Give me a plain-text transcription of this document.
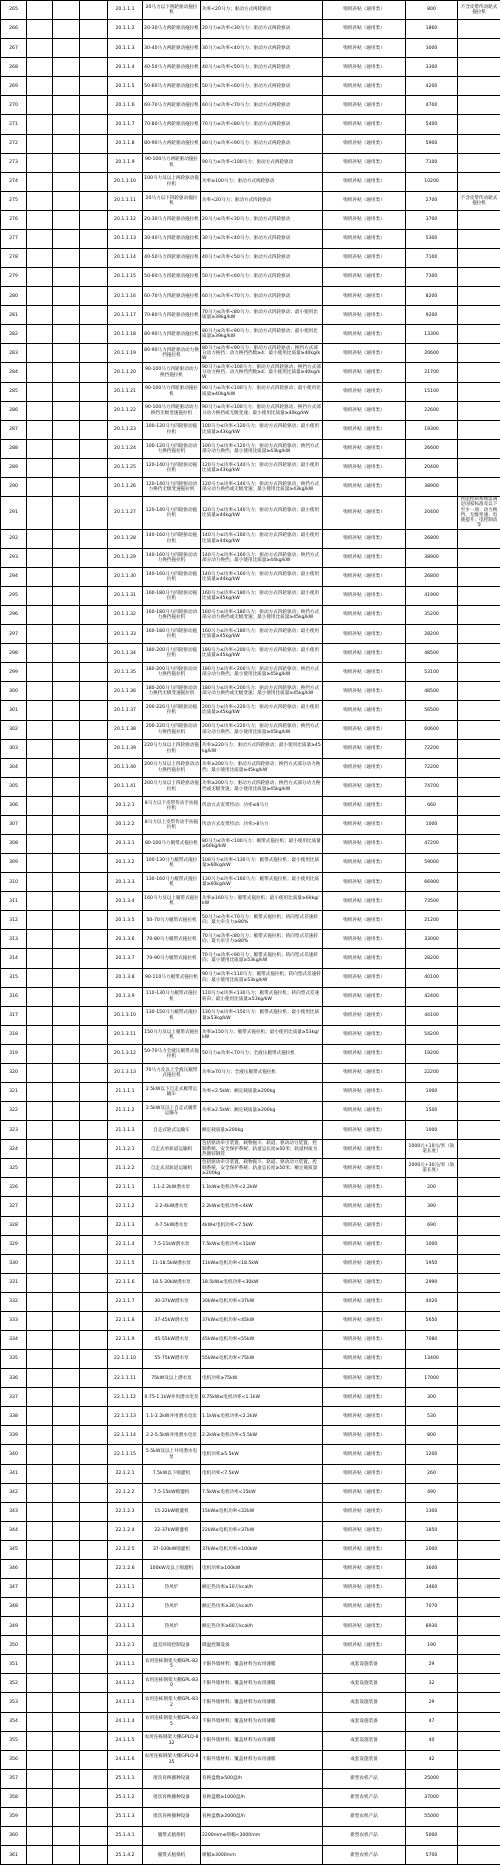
265				20.1.1.1	20马力以下两轮驱动拖拉机	功率<20马力；驱动方式两轮驱动	购机补贴（通用类）	800	不含皮带传动轮式拖拉机
266				20.1.1.2	20-30马力两轮驱动拖拉机	20马力≤功率<30马力；驱动方式两轮驱动	购机补贴（通用类）	1860	
267				20.1.1.3	30-40马力两轮驱动拖拉机	30马力≤功率<40马力；驱动方式两轮驱动	购机补贴（通用类）	3000	
268				20.1.1.4	40-50马力两轮驱动拖拉机	40马力≤功率<50马力；驱动方式两轮驱动	购机补贴（通用类）	3300	
269				20.1.1.5	50-60马力两轮驱动拖拉机	50马力≤功率<60马力；驱动方式两轮驱动	购机补贴（通用类）	4200	
270				20.1.1.6	60-70马力两轮驱动拖拉机	60马力≤功率<70马力；驱动方式两轮驱动	购机补贴（通用类）	4700	
271				20.1.1.7	70-80马力两轮驱动拖拉机	70马力≤功率<80马力；驱动方式两轮驱动	购机补贴（通用类）	5400	
272				20.1.1.8	80-90马力两轮驱动拖拉机	80马力≤功率<90马力；驱动方式两轮驱动	购机补贴（通用类）	5900	
273				20.1.1.9	90-100马力两轮驱动拖拉机	90马力≤功率<100马力；驱动方式两轮驱动	购机补贴（通用类）	7100	
274				20.1.1.10	100马力及以上两轮驱动拖拉机	功率≥100马力；驱动方式两轮驱动	购机补贴（通用类）	10200	
275				20.1.1.11	20马力以下四轮驱动拖拉机	功率<20马力；驱动方式四轮驱动	购机补贴（通用类）	2700	不含皮带传动轮式拖拉机
276				20.1.1.12	20-30马力四轮驱动拖拉机	20马力≤功率<30马力；驱动方式四轮驱动	购机补贴（通用类）	3700	
277				20.1.1.13	30-40马力四轮驱动拖拉机	30马力≤功率<40马力；驱动方式四轮驱动	购机补贴（通用类）	5300	
278				20.1.1.14	40-50马力四轮驱动拖拉机	40马力≤功率<50马力；驱动方式四轮驱动	购机补贴（通用类）	7100	
279				20.1.1.15	50-60马力四轮驱动拖拉机	50马力≤功率<60马力；驱动方式四轮驱动	购机补贴（通用类）	7300	
280				20.1.1.16	60-70马力四轮驱动拖拉机	60马力≤功率<70马力；驱动方式四轮驱动	购机补贴（通用类）	8200	
281				20.1.1.17	70-80马力四轮驱动拖拉机	70马力≤功率<80马力；驱动方式四轮驱动；最小使用比质量≥39kg/kW	购机补贴（通用类）	9200	
282				20.1.1.18	80-90马力四轮驱动拖拉机	80马力≤功率<90马力；驱动方式四轮驱动；最小使用比质量≥39kg/kW	购机补贴（通用类）	13300	
283				20.1.1.19	80-90马力四轮驱动动力换挡拖拉机	80马力≤功率<90马力；驱动方式四轮驱动；换挡方式部分动力换挡；动力换挡挡数≥4；最小使用比质量≥40kg/kW	购机补贴（通用类）	20600	
284				20.1.1.20	90-100马力四轮驱动动力换挡拖拉机	90马力≤功率<100马力；驱动方式四轮驱动；换挡方式部分动力换挡；动力换挡挡数≥4；最小使用比质量≥40kg/kW	购机补贴（通用类）	21700	
285				20.1.1.21	90-100马力四轮驱动拖拉机	90马力≤功率<100马力；驱动方式四轮驱动；最小使用比质量≥40kg/kW	购机补贴（通用类）	15100	
286				20.1.1.22	90-100马力四轮驱动动力换挡无级变速拖拉机	90马力≤功率<100马力；驱动方式四轮驱动；换挡方式部分动力换挡或无级变速；最小使用比质量≥40kg/kW	购机补贴（通用类）	22600	
287				20.1.1.23	100-120马力四轮驱动拖拉机	100马力≤功率<120马力；驱动方式四轮驱动；最小使用比质量≥43kg/kW	购机补贴（通用类）	19300	
288				20.1.1.24	100-120马力四轮驱动动力换挡拖拉机	100马力≤功率<120马力；驱动方式四轮驱动；换挡方式部分动力换挡；最小使用比质量≥43kg/kW	购机补贴（通用类）	26600	
289				20.1.1.25	120-140马力四轮驱动拖拉机	120马力≤功率<140马力；驱动方式四轮驱动；最小使用比质量≥43kg/kW	购机补贴（通用类）	20400	
290				20.1.1.26	120-140马力四轮驱动动力换挡无级变速拖拉机	120马力≤功率<140马力；驱动方式四轮驱动；换挡方式部分动力换挡或无级变速；最小使用比质量≥43kg/kW	购机补贴（通用类）	38900	
291				20.1.1.27	120-140马力四轮驱动拖拉机	120马力≤功率<140马力；驱动方式四轮驱动；最小使用比质量≥44kg/kW	购机补贴（通用类）	20400	智能控制系统需满足国家标准及以下至少一项：动力换挡、无级变速、电液提升、电控制动等
292				20.1.1.28	140-160马力四轮驱动拖拉机	140马力≤功率<160马力；驱动方式四轮驱动；最小使用比质量≥44kg/kW	购机补贴（通用类）	26800	
293				20.1.1.29	140-160马力四轮驱动动力换挡拖拉机	140马力≤功率<160马力；驱动方式四轮驱动；换挡方式部分动力换挡；最小使用比质量≥44kg/kW	购机补贴（通用类）	38900	
294				20.1.1.30	140-160马力四轮驱动拖拉机	140马力≤功率<160马力；驱动方式四轮驱动；最小使用比质量≥44kg/kW	购机补贴（通用类）	26800	
295				20.1.1.31	160-180马力四轮驱动拖拉机	160马力≤功率<180马力；驱动方式四轮驱动；最小使用比质量≥45kg/kW	购机补贴（通用类）	41900	
296				20.1.1.32	160-180马力四轮驱动动力换挡拖拉机	160马力≤功率<180马力；驱动方式四轮驱动；换挡方式部分动力换挡或无级变速；最小使用比质量≥45kg/kW	购机补贴（通用类）	35200	
297				20.1.1.33	160-180马力四轮驱动拖拉机	160马力≤功率<180马力；驱动方式四轮驱动；最小使用比质量≥45kg/kW	购机补贴（通用类）	28200	
298				20.1.1.34	180-200马力四轮驱动拖拉机	180马力≤功率<200马力；驱动方式四轮驱动；最小使用比质量≥45kg/kW	购机补贴（通用类）	48500	
299				20.1.1.35	180-200马力四轮驱动动力换挡拖拉机	180马力≤功率<200马力；驱动方式四轮驱动；换挡方式部分动力换挡；最小使用比质量≥45kg/kW	购机补贴（通用类）	53100	
300				20.1.1.36	180-200马力四轮驱动动力换挡无级变速拖拉机	180马力≤功率<200马力；驱动方式四轮驱动；换挡方式部分动力换挡或无级变速；最小使用比质量≥45kg/kW	购机补贴（通用类）	48500	
301				20.1.1.37	200-220马力四轮驱动拖拉机	200马力≤功率<220马力；驱动方式四轮驱动；最小使用比质量≥45kg/kW	购机补贴（通用类）	56500	
302				20.1.1.38	200-220马力四轮驱动动力换挡拖拉机	200马力≤功率<220马力；驱动方式四轮驱动；换挡方式部分动力换挡；最小使用比质量≥45kg/kW	购机补贴（通用类）	60600	
303				20.1.1.39	220马力及以上四轮驱动拖拉机	功率≥220马力；驱动方式四轮驱动；最小使用比质量≥45kg/kW	购机补贴（通用类）	72200	
304				20.1.1.40	200马力及以上四轮驱动动力换挡拖拉机	功率≥200马力；驱动方式四轮驱动；换挡方式部分动力换挡；最小使用比质量≥45kg/kW	购机补贴（通用类）	72200	
305				20.1.1.41	200马力及以上四轮驱动拖拉机	功率≥200马力；驱动方式四轮驱动；换挡方式部分动力换挡或无级变速；最小使用比质量≥45kg/kW	购机补贴（通用类）	74700	
306				20.1.2.1	8马力以下皮带传动手扶拖拉机	传动方式皮带传动；功率≤8马力	购机补贴（通用类）	660	
307				20.1.2.2	8马力以上皮带传动手扶拖拉机	传动方式皮带传动；功率>8马力	购机补贴（通用类）	1000	
308				20.1.3.1	80-100马力履带式拖拉机	80马力≤功率<100马力；履带式拖拉机；最小使用比质量≥60kg/kW	购机补贴（通用类）	47200	
309				20.1.3.2	100-130马力履带式拖拉机	100马力≤功率<130马力；履带式拖拉机；最小使用比质量≥60kg/kW	购机补贴（通用类）	59000	
310				20.1.3.3	130-160马力履带式拖拉机	130马力≤功率<160马力；履带式拖拉机；最小使用比质量≥60kg/kW	购机补贴（通用类）	66900	
311				20.1.3.4	160马力及以上履带式拖拉机	功率≥160马力；履带式拖拉机；最小使用比质量≥60kg/kW	购机补贴（通用类）	73500	
312				20.1.3.5	50-70马力履带式拖拉机	50马力≤功率<70马力；履带式拖拉机；转向型式差速转向；最大牵引力≥80%	购机补贴（通用类）	21200	
313				20.1.3.6	70-80马力履带式拖拉机	70马力≤功率<80马力；履带式拖拉机；转向型式差速转向；最大牵引力≥80%	购机补贴（通用类）	33000	
314				20.1.3.7	70-90马力履带式拖拉机	70马力≤功率<90马力；履带式拖拉机；转向型式差速转向；最小使用比质量≥53kg/kW	购机补贴（通用类）	28200	
315				20.1.3.8	90-110马力履带式拖拉机	90马力≤功率<110马力；履带式拖拉机；转向型式差速转向；最小使用比质量≥53kg/kW	购机补贴（通用类）	40100	
316				20.1.3.9	110-130马力履带式拖拉机	110马力≤功率<130马力；履带式拖拉机；转向型式差速转向；最小使用比质量≥53kg/kW	购机补贴（通用类）	42400	
317				20.1.3.10	130-150马力履带式拖拉机	130马力≤功率<150马力；履带式拖拉机；最小使用比质量≥53kg/kW	购机补贴（通用类）	44100	
318				20.1.3.11	150马力及以上履带式拖拉机	功率≥150马力；履带式拖拉机；最小使用比质量≥53kg/kW	购机补贴（通用类）	54200	
319				20.1.3.12	50-70马力全液压履带式拖拉机	50马力≤功率<70马力；全液压履带式拖拉机	购机补贴（通用类）	19200	
320				20.1.3.13	70马力及以上全液压履带式拖拉机	功率≥70马力；全液压履带式拖拉机	购机补贴（通用类）	22200	
321				21.1.1.1	2.5kW以下自走式履带运输车	功率<2.5kW；额定载质量≥200kg	购机补贴（通用类）	1000	
322				21.1.1.2	2.5kW及以上自走式履带运输车	功率≥2.5kW；额定载质量≥200kg	购机补贴（通用类）	1500	
323				21.1.1.3	自走式轮式运输车	额定载质量≥200kg	购机补贴（通用类）	1000	
324				21.1.2.1	自走式单轨道运输机	包括驱动牵引装置、载物拖斗、轨道、驱动动力装置、控制系统、安全保护系统；轨道总长度≥50米；轨道材质为热镀锌钢管	购机补贴（通用类）	1000元+10元/米（轨道长度）	
325				21.1.2.2	自走式双轨道运输机	包括驱动牵引装置、载物拖斗、轨道、驱动动力装置、控制系统、安全保护系统；轨道总长度≥50米；额定载质量≥200kg	购机补贴（通用类）	2000元+30元/米（轨道长度）	
326				22.1.1.1	1.1-2.2kW潜水泵	1.1kW≤电机功率<2.2kW	购机补贴（通用类）	200	
327				22.1.1.2	2.2-4kW潜水泵	2.2kW≤电机功率<4kW	购机补贴（通用类）	390	
328				22.1.1.3	4-7.5kW潜水泵	4kW≤电机功率<7.5kW	购机补贴（通用类）	690	
329				22.1.1.4	7.5-11kW潜水泵	7.5kW≤电机功率<11kW	购机补贴（通用类）	1000	
330				22.1.1.5	11-18.5kW潜水泵	11kW≤电机功率<18.5kW	购机补贴（通用类）	1950	
331				22.1.1.6	18.5-30kW潜水泵	18.5kW≤电机功率<30kW	购机补贴（通用类）	2990	
332				22.1.1.7	30-37kW潜水泵	30kW≤电机功率<37kW	购机补贴（通用类）	4020	
333				22.1.1.8	37-45kW潜水泵	37kW≤电机功率<45kW	购机补贴（通用类）	5650	
334				22.1.1.9	45-55kW潜水泵	45kW≤电机功率<55kW	购机补贴（通用类）	7080	
335				22.1.1.10	55-75kW潜水泵	55kW≤电机功率<75kW	购机补贴（通用类）	13400	
336				22.1.1.11	75kW及以上潜水泵	电机功率≥75kW	购机补贴（通用类）	17000	
337				22.1.1.12	0.75-1.1kW井用潜水电泵	0.75kW≤电机功率<1.1kW	购机补贴（通用类）	300	
338				22.1.1.13	1.1-2.2kW井用潜水电泵	1.1kW≤电机功率<2.2kW	购机补贴（通用类）	530	
339				22.1.1.14	2.2-5.5kW井用潜水电泵	2.2kW≤电机功率<5.5kW	购机补贴（通用类）	800	
340				22.1.1.15	5.5kW及以上井用潜水电泵	电机功率≥5.5kW	购机补贴（通用类）	1200	
341				22.1.2.1	7.5kW以下喷灌机	电机功率<7.5kW	购机补贴（通用类）	260	
342				22.1.2.2	7.5-15kW喷灌机	7.5kW≤电机功率<15kW	购机补贴（通用类）	490	
343				22.1.2.3	15-22kW喷灌机	15kW≤电机功率<22kW	购机补贴（通用类）	1300	
344				22.1.2.4	22-37kW喷灌机	22kW≤电机功率<37kW	购机补贴（通用类）	1850	
345				22.1.2.5	37-100kW喷灌机	37kW≤电机功率<100kW	购机补贴（通用类）	2000	
346				22.1.2.6	100kW及以上喷灌机	电机功率≥100kW	购机补贴（通用类）	3600	
347				23.1.1.1	热风炉	额定热功率≥10万kcal/h	购机补贴（通用类）	3460	
348				23.1.1.2	热风炉	额定热功率≥30万kcal/h	购机补贴（通用类）	7070	
349				23.1.1.3	热风炉	额定热功率≥60万kcal/h	购机补贴（通用类）	8930	
350				23.1.2.1	温室环境控制设备	降温控制设备	购机补贴（通用类）	190	
351				24.1.1.1	农用连栋钢架大棚GPL-825	不限外墙材料；覆盖材料为农用薄膜	成套设施装备	29	
352				24.1.1.2	农用连栋钢架大棚GPL-830	不限外墙材料；覆盖材料为农用薄膜	成套设施装备	32	
353				24.1.1.3	农用连栋钢架大棚GPL-832	不限外墙材料；覆盖材料为农用薄膜	成套设施装备	29	
354				24.1.1.4	农用连栋钢架大棚GPL-835	不限外墙材料；覆盖材料为农用薄膜	成套设施装备	47	
355				24.1.1.5	农用连栋钢架大棚GPLQ-832	不限外墙材料；覆盖材料为农用薄膜	成套设施装备	40	
356				24.1.1.6	农用连栋钢架大棚GPLQ-835	不限外墙材料；覆盖材料为农用薄膜	成套设施装备	42	
357				25.1.1.1	批次育秧播种设备	育秧盘数≥500盘/h	新型农机产品	25000	
358				25.1.1.2	批次育秧播种设备	育秧盘数≥1000盘/h	新型农机产品	37000	
359				25.1.1.3	批次育秧播种设备	育秧盘数≥2000盘/h	新型农机产品	55000	
360				25.1.4.1	履带式植保机	2200mm≤喷幅<3000mm	新型农机产品	5000	
361				25.1.4.2	履带式植保机	喷幅≥3000mm	新型农机产品	5700	
